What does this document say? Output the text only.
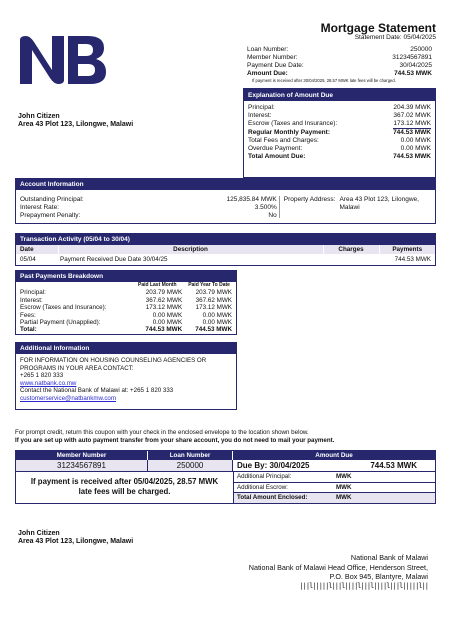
Mortgage Statement
Statement Date: 05/04/2025
Loan Number:	250000
Member Number:	31234567891
Payment Due Date:	30/04/2025
Amount Due:	744.53 MWK
If payment is received after 30/04/2025, 28.57 MWK late fees will be charged.
Explanation of Amount Due
Principal:	204.39 MWK
Interest:	367.02 MWK
Escrow (Taxes and Insurance):	173.12 MWK
Regular Monthly Payment:	744.53 MWK
Total Fees and Charges:	0.00 MWK
Overdue Payment:	0.00 MWK
Total Amount Due:	744.53 MWK
John Citizen
Area 43 Plot 123, Lilongwe, Malawi
Account Information
Outstanding Principal:	125,835.84 MWK
Interest Rate:	3.500%
Prepayment Penalty:	No
Property Address: Area 43 Plot 123, Lilongwe, Malawi
Transaction Activity (05/04 to 30/04)
Date	Description	Charges	Payments
05/04	Payment Received Due Date 30/04/25		744.53 MWK
Past Payments Breakdown
	Paid Last Month	Paid Year To Date
Principal:	203.79 MWK	203.79 MWK
Interest:	367.62 MWK	367.62 MWK
Escrow (Taxes and Insurance):	173.12 MWK	173.12 MWK
Fees:	0.00 MWK	0.00 MWK
Partial Payment (Unapplied):	0.00 MWK	0.00 MWK
Total:	744.53 MWK	744.53 MWK
Additional Information
FOR INFORMATION ON HOUSING COUNSELING AGENCIES OR PROGRAMS IN YOUR AREA CONTACT:
+265 1 820 333
www.natbank.co.mw
Contact the National Bank of Malawi at: +265 1 820 333
customerservice@natbankmw.com
For prompt credit, return this coupon with your check in the enclosed envelope to the location shown below.
If you are set up with auto payment transfer from your share account, you do not need to mail your payment.
Member Number	Loan Number	Amount Due
31234567891	250000	Due By: 30/04/2025	744.53 MWK
If payment is received after 05/04/2025, 28.57 MWK late fees will be charged.
Additional Principal:	MWK
Additional Escrow:	MWK
Total Amount Enclosed:	MWK
John Citizen
Area 43 Plot 123, Lilongwe, Malawi
National Bank of Malawi
National Bank of Malawi Head Office, Henderson Street,
P.O. Box 945, Blantyre, Malawi
|||l|||||l|||l||||l|||l||||l|||l|||||l||
